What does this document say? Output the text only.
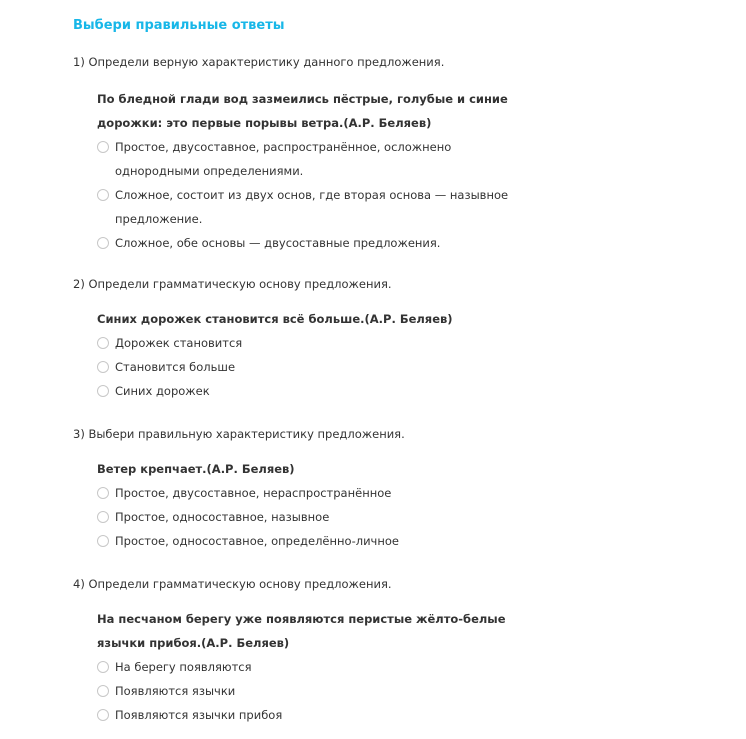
Выбери правильные ответы
1) Определи верную характеристику данного предложения.
По бледной глади вод зазмеились пёстрые, голубые и синие дорожки: это первые порывы ветра.(А.Р. Беляев)
Простое, двусоставное, распространённое, осложнено однородными определениями.
Сложное, состоит из двух основ, где вторая основа — назывное предложение.
Сложное, обе основы — двусоставные предложения.
2) Определи грамматическую основу предложения.
Синих дорожек становится всё больше.(А.Р. Беляев)
Дорожек становится
Становится больше
Синих дорожек
3) Выбери правильную характеристику предложения.
Ветер крепчает.(А.Р. Беляев)
Простое, двусоставное, нераспространённое
Простое, односоставное, назывное
Простое, односоставное, определённо-личное
4) Определи грамматическую основу предложения.
На песчаном берегу уже появляются перистые жёлто-белые язычки прибоя.(А.Р. Беляев)
На берегу появляются
Появляются язычки
Появляются язычки прибоя
